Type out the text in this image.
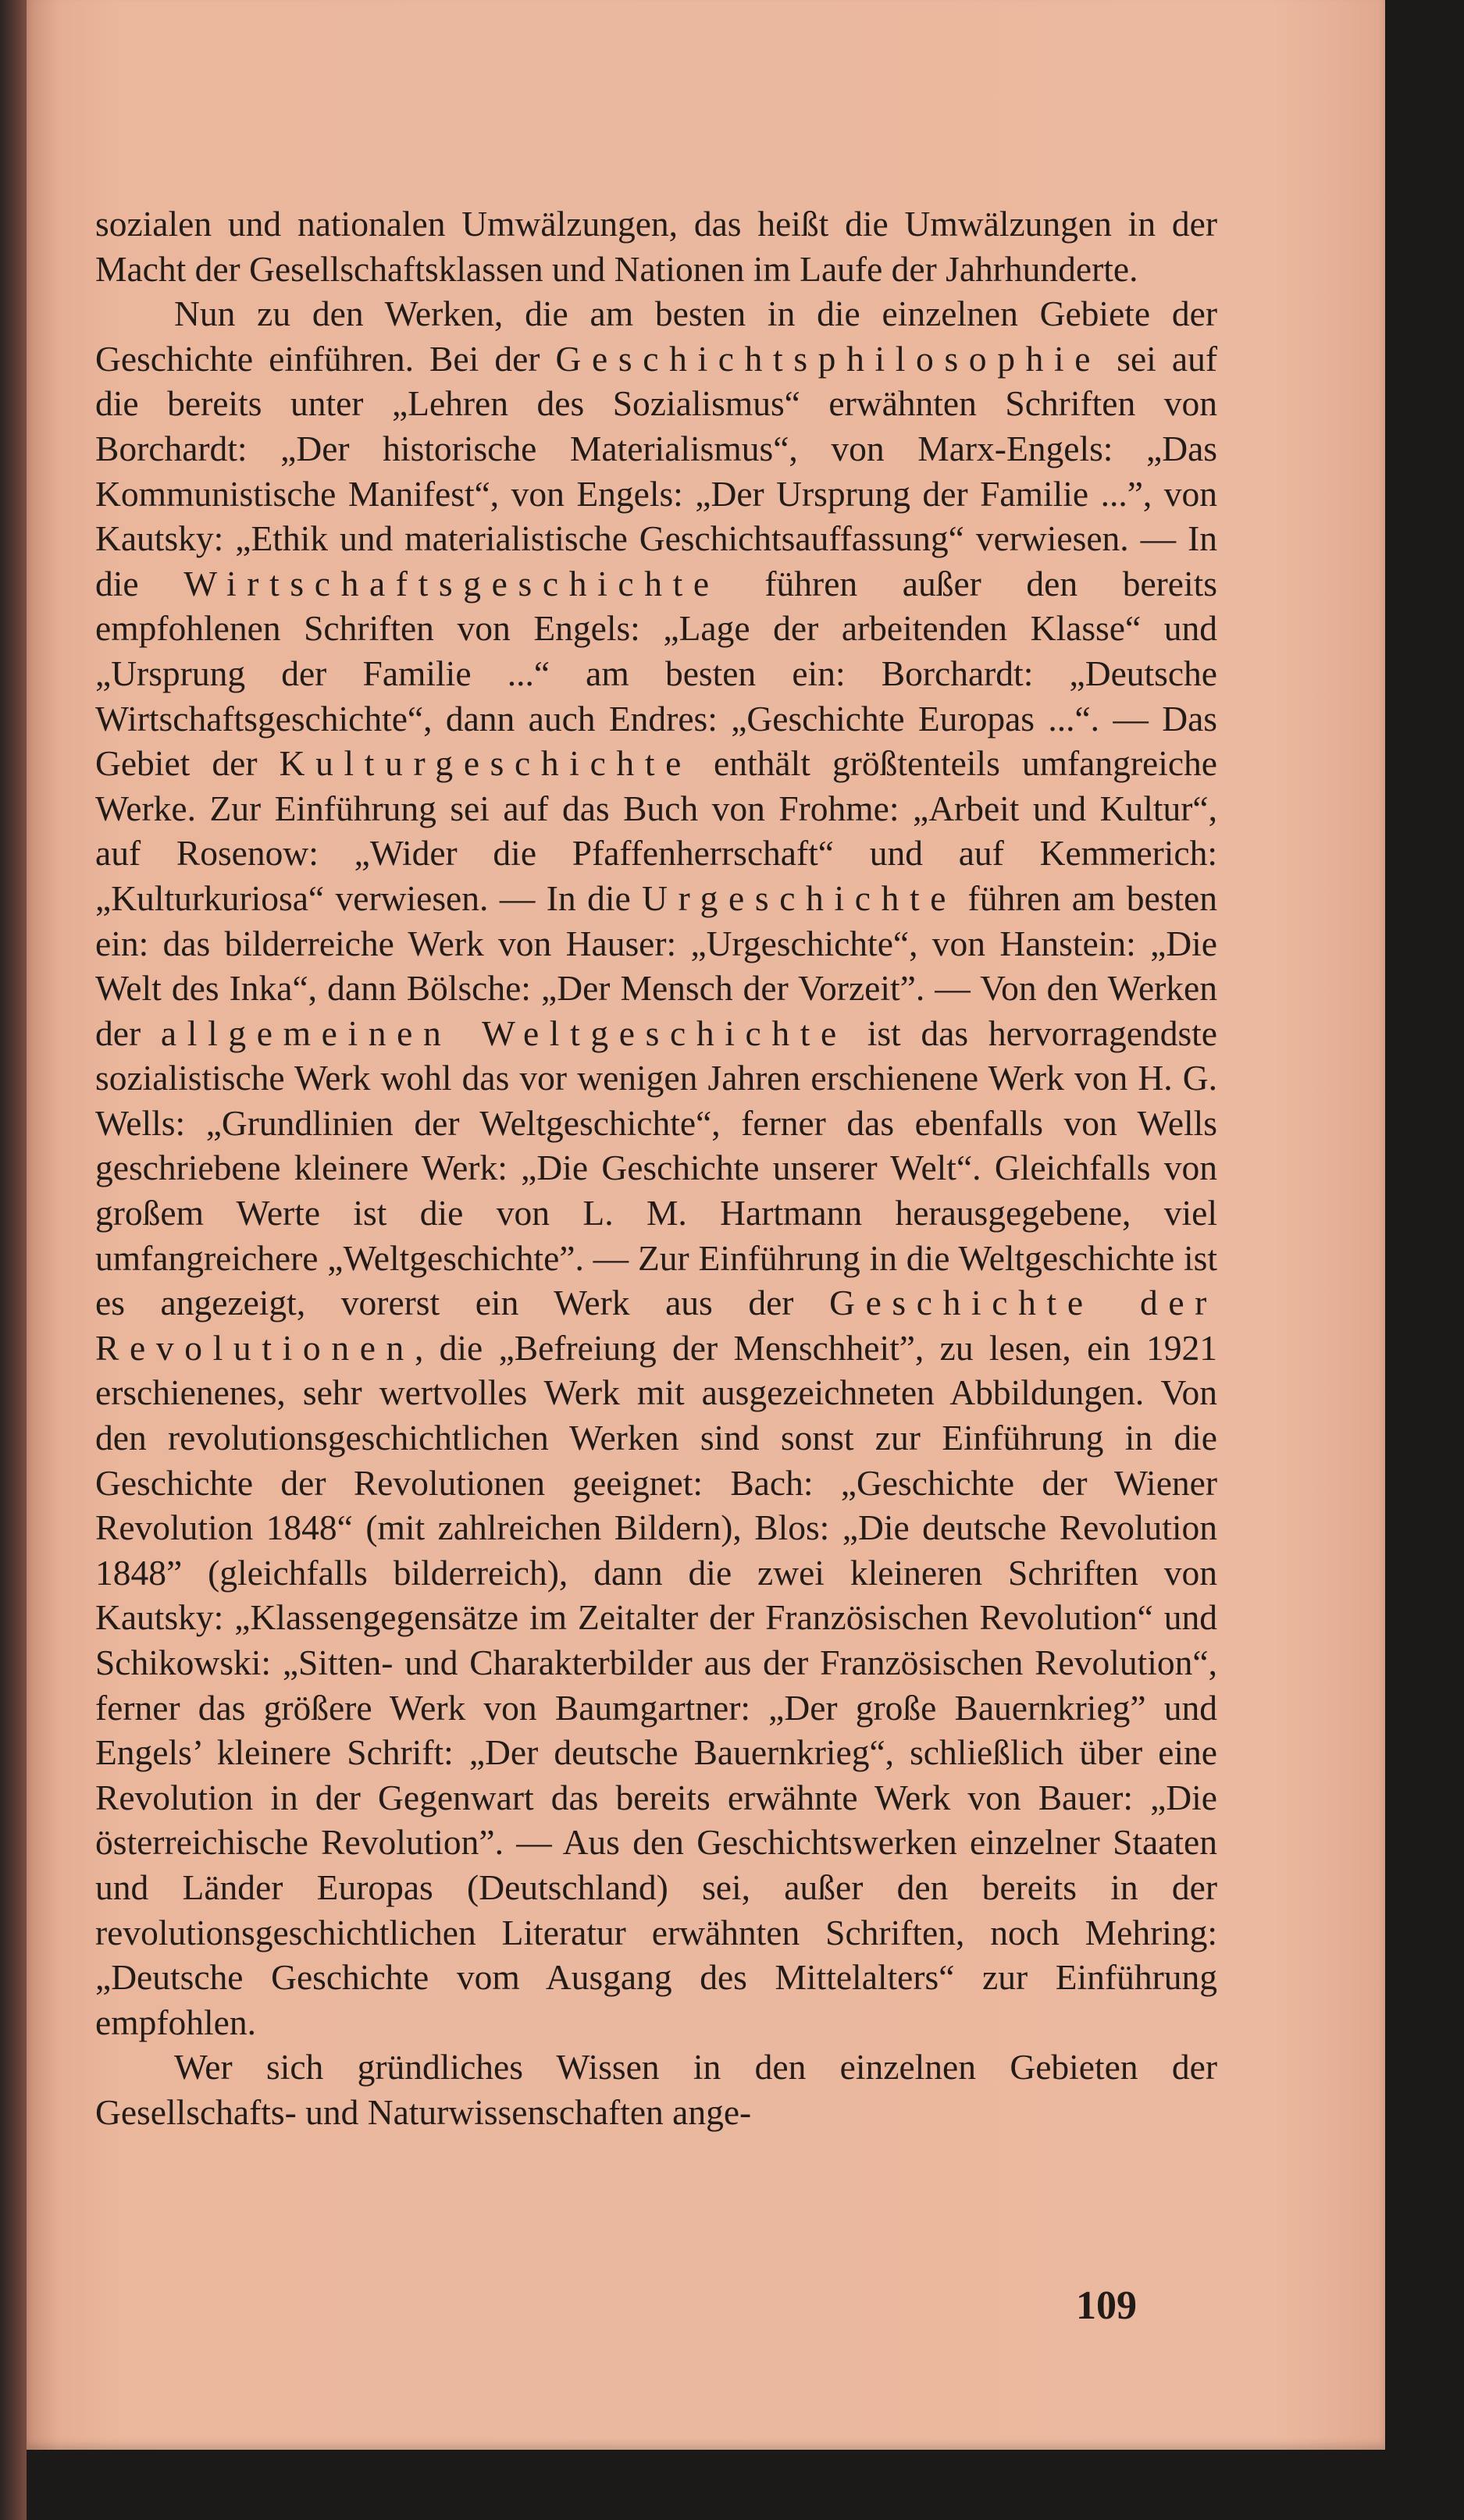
sozialen und nationalen Umwälzungen, das heißt die Umwälzungen in der Macht der Gesellschaftsklassen und Nationen im Laufe der Jahrhunderte.

Nun zu den Werken, die am besten in die einzelnen Gebiete der Geschichte einführen. Bei der Geschichtsphilosophie sei auf die bereits unter „Lehren des Sozialismus“ erwähnten Schriften von Borchardt: „Der historische Materialismus“, von Marx-Engels: „Das Kommunistische Manifest“, von Engels: „Der Ursprung der Familie ...”, von Kautsky: „Ethik und materialistische Geschichtsauffassung“ verwiesen. — In die Wirtschaftsgeschichte führen außer den bereits empfohlenen Schriften von Engels: „Lage der arbeitenden Klasse“ und „Ursprung der Familie ...“ am besten ein: Borchardt: „Deutsche Wirtschaftsgeschichte“, dann auch Endres: „Geschichte Europas ...“. — Das Gebiet der Kulturgeschichte enthält größtenteils umfangreiche Werke. Zur Einführung sei auf das Buch von Frohme: „Arbeit und Kultur“, auf Rosenow: „Wider die Pfaffenherrschaft“ und auf Kemmerich: „Kulturkuriosa“ verwiesen. — In die Urgeschichte führen am besten ein: das bilderreiche Werk von Hauser: „Urgeschichte“, von Hanstein: „Die Welt des Inka“, dann Bölsche: „Der Mensch der Vorzeit”. — Von den Werken der allgemeinen Weltgeschichte ist das hervorragendste sozialistische Werk wohl das vor wenigen Jahren erschienene Werk von H. G. Wells: „Grundlinien der Weltgeschichte“, ferner das ebenfalls von Wells geschriebene kleinere Werk: „Die Geschichte unserer Welt“. Gleichfalls von großem Werte ist die von L. M. Hartmann herausgegebene, viel umfangreichere „Weltgeschichte”. — Zur Einführung in die Weltgeschichte ist es angezeigt, vorerst ein Werk aus der Geschichte der Revolutionen, die „Befreiung der Menschheit”, zu lesen, ein 1921 erschienenes, sehr wertvolles Werk mit ausgezeichneten Abbildungen. Von den revolutionsgeschichtlichen Werken sind sonst zur Einführung in die Geschichte der Revolutionen geeignet: Bach: „Geschichte der Wiener Revolution 1848“ (mit zahlreichen Bildern), Blos: „Die deutsche Revolution 1848” (gleichfalls bilderreich), dann die zwei kleineren Schriften von Kautsky: „Klassengegensätze im Zeitalter der Französischen Revolution“ und Schikowski: „Sitten- und Charakterbilder aus der Französischen Revolution“, ferner das größere Werk von Baumgartner: „Der große Bauernkrieg” und Engels’ kleinere Schrift: „Der deutsche Bauernkrieg“, schließlich über eine Revolution in der Gegenwart das bereits erwähnte Werk von Bauer: „Die österreichische Revolution”. — Aus den Geschichtswerken einzelner Staaten und Länder Europas (Deutschland) sei, außer den bereits in der revolutionsgeschichtlichen Literatur erwähnten Schriften, noch Mehring: „Deutsche Geschichte vom Ausgang des Mittelalters“ zur Einführung empfohlen.

Wer sich gründliches Wissen in den einzelnen Gebieten der Gesellschafts- und Naturwissenschaften ange-

109
